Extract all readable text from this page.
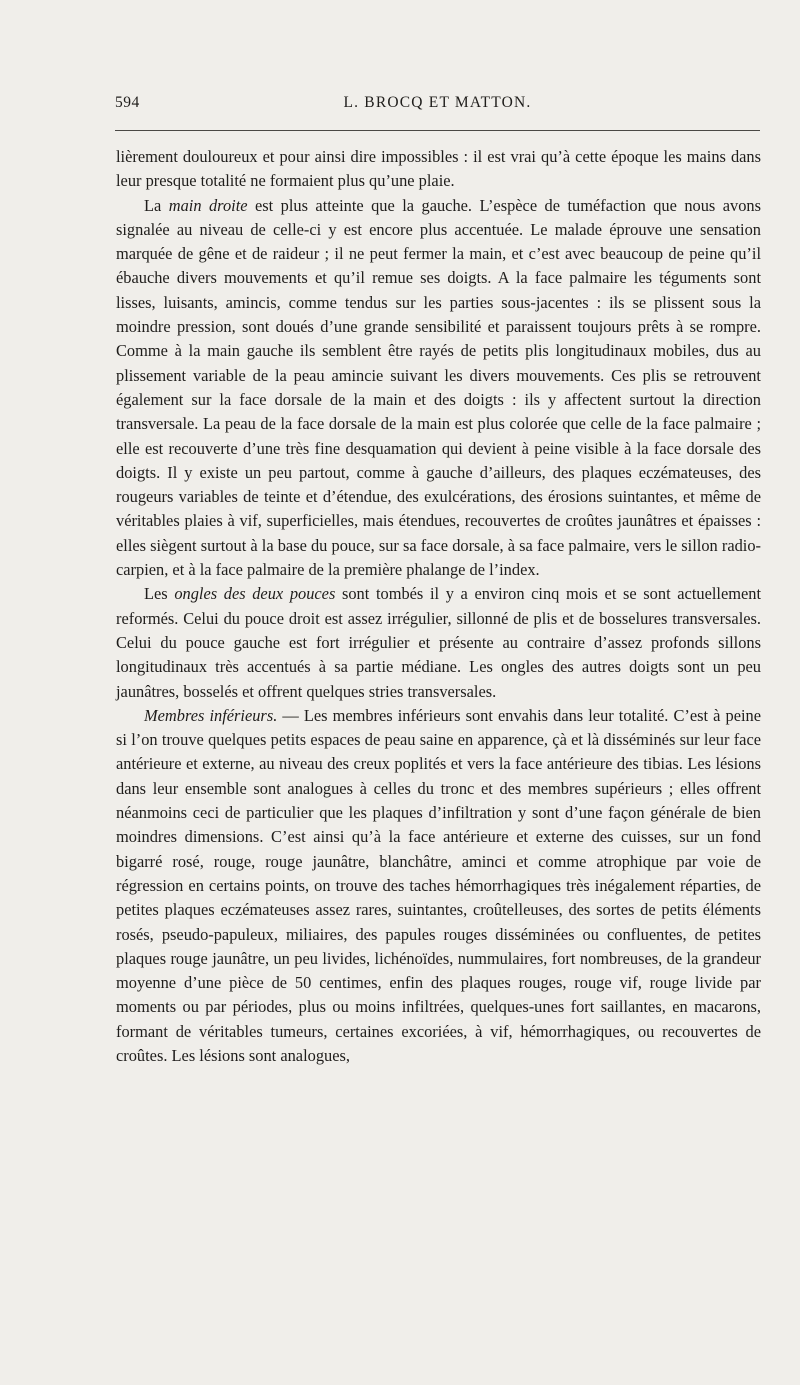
594	L. BROCQ ET MATTON.

lièrement douloureux et pour ainsi dire impossibles : il est vrai qu’à cette époque les mains dans leur presque totalité ne formaient plus qu’une plaie.

La main droite est plus atteinte que la gauche. L’espèce de tuméfaction que nous avons signalée au niveau de celle-ci y est encore plus accentuée. Le malade éprouve une sensation marquée de gêne et de raideur ; il ne peut fermer la main, et c’est avec beaucoup de peine qu’il ébauche divers mouvements et qu’il remue ses doigts. A la face palmaire les téguments sont lisses, luisants, amincis, comme tendus sur les parties sous-jacentes : ils se plissent sous la moindre pression, sont doués d’une grande sensibilité et paraissent toujours prêts à se rompre. Comme à la main gauche ils semblent être rayés de petits plis longitudinaux mobiles, dus au plissement variable de la peau amincie suivant les divers mouvements. Ces plis se retrouvent également sur la face dorsale de la main et des doigts : ils y affectent surtout la direction transversale. La peau de la face dorsale de la main est plus colorée que celle de la face palmaire ; elle est recouverte d’une très fine desquamation qui devient à peine visible à la face dorsale des doigts. Il y existe un peu partout, comme à gauche d’ailleurs, des plaques eczémateuses, des rougeurs variables de teinte et d’étendue, des exulcérations, des érosions suintantes, et même de véritables plaies à vif, superficielles, mais étendues, recouvertes de croûtes jaunâtres et épaisses : elles siègent surtout à la base du pouce, sur sa face dorsale, à sa face palmaire, vers le sillon radio-carpien, et à la face palmaire de la première phalange de l’index.

Les ongles des deux pouces sont tombés il y a environ cinq mois et se sont actuellement reformés. Celui du pouce droit est assez irrégulier, sillonné de plis et de bosselures transversales. Celui du pouce gauche est fort irrégulier et présente au contraire d’assez profonds sillons longitudinaux très accentués à sa partie médiane. Les ongles des autres doigts sont un peu jaunâtres, bosselés et offrent quelques stries transversales.

Membres inférieurs. — Les membres inférieurs sont envahis dans leur totalité. C’est à peine si l’on trouve quelques petits espaces de peau saine en apparence, çà et là disséminés sur leur face antérieure et externe, au niveau des creux poplités et vers la face antérieure des tibias. Les lésions dans leur ensemble sont analogues à celles du tronc et des membres supérieurs ; elles offrent néanmoins ceci de particulier que les plaques d’infiltration y sont d’une façon générale de bien moindres dimensions. C’est ainsi qu’à la face antérieure et externe des cuisses, sur un fond bigarré rosé, rouge, rouge jaunâtre, blanchâtre, aminci et comme atrophique par voie de régression en certains points, on trouve des taches hémorrhagiques très inégalement réparties, de petites plaques eczémateuses assez rares, suintantes, croûtelleuses, des sortes de petits éléments rosés, pseudo-papuleux, miliaires, des papules rouges disséminées ou confluentes, de petites plaques rouge jaunâtre, un peu livides, lichénoïdes, nummulaires, fort nombreuses, de la grandeur moyenne d’une pièce de 50 centimes, enfin des plaques rouges, rouge vif, rouge livide par moments ou par périodes, plus ou moins infiltrées, quelques-unes fort saillantes, en macarons, formant de véritables tumeurs, certaines excoriées, à vif, hémorrhagiques, ou recouvertes de croûtes. Les lésions sont analogues,
